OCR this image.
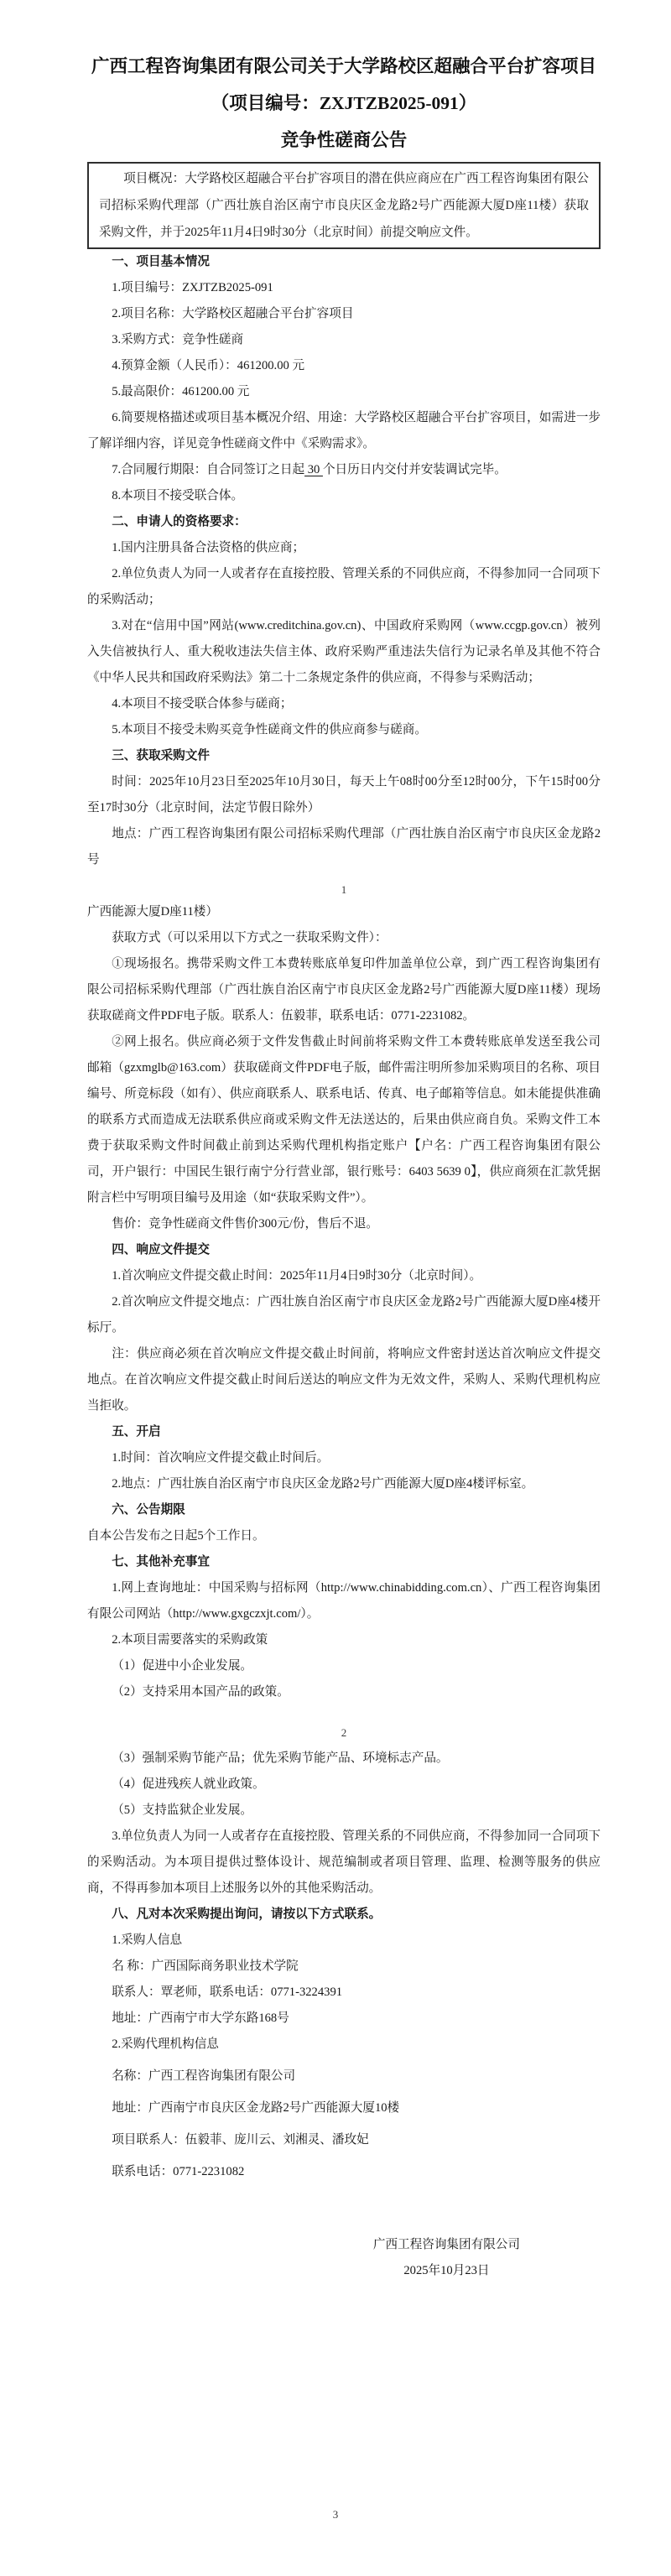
广西工程咨询集团有限公司关于大学路校区超融合平台扩容项目
（项目编号：ZXJTZB2025-091）
竞争性磋商公告

项目概况：大学路校区超融合平台扩容项目的潜在供应商应在广西工程咨询集团有限公司招标采购代理部（广西壮族自治区南宁市良庆区金龙路2号广西能源大厦D座11楼）获取采购文件，并于2025年11月4日9时30分（北京时间）前提交响应文件。

一、项目基本情况

1.项目编号：ZXJTZB2025-091

2.项目名称：大学路校区超融合平台扩容项目

3.采购方式：竞争性磋商

4.预算金额（人民币）：461200.00 元

5.最高限价：461200.00 元

6.简要规格描述或项目基本概况介绍、用途：大学路校区超融合平台扩容项目，如需进一步了解详细内容，详见竞争性磋商文件中《采购需求》。

7.合同履行期限：自合同签订之日起 30 个日历日内交付并安装调试完毕。

8.本项目不接受联合体。

二、申请人的资格要求：

1.国内注册具备合法资格的供应商；

2.单位负责人为同一人或者存在直接控股、管理关系的不同供应商，不得参加同一合同项下的采购活动；

3.对在“信用中国”网站(www.creditchina.gov.cn)、中国政府采购网（www.ccgp.gov.cn）被列入失信被执行人、重大税收违法失信主体、政府采购严重违法失信行为记录名单及其他不符合《中华人民共和国政府采购法》第二十二条规定条件的供应商，不得参与采购活动；

4.本项目不接受联合体参与磋商；

5.本项目不接受未购买竞争性磋商文件的供应商参与磋商。

三、获取采购文件

时间：2025年10月23日至2025年10月30日，每天上午08时00分至12时00分，下午15时00分至17时30分（北京时间，法定节假日除外）

地点：广西工程咨询集团有限公司招标采购代理部（广西壮族自治区南宁市良庆区金龙路2号

1

广西能源大厦D座11楼）

获取方式（可以采用以下方式之一获取采购文件）：

①现场报名。携带采购文件工本费转账底单复印件加盖单位公章，到广西工程咨询集团有限公司招标采购代理部（广西壮族自治区南宁市良庆区金龙路2号广西能源大厦D座11楼）现场获取磋商文件PDF电子版。联系人：伍毅菲，联系电话：0771-2231082。

②网上报名。供应商必须于文件发售截止时间前将采购文件工本费转账底单发送至我公司邮箱（gzxmglb@163.com）获取磋商文件PDF电子版，邮件需注明所参加采购项目的名称、项目编号、所竞标段（如有）、供应商联系人、联系电话、传真、电子邮箱等信息。如未能提供准确的联系方式而造成无法联系供应商或采购文件无法送达的，后果由供应商自负。采购文件工本费于获取采购文件时间截止前到达采购代理机构指定账户【户名：广西工程咨询集团有限公司，开户银行：中国民生银行南宁分行营业部，银行账号：6403 5639 0】，供应商须在汇款凭据附言栏中写明项目编号及用途（如“获取采购文件”）。

售价：竞争性磋商文件售价300元/份，售后不退。

四、响应文件提交

1.首次响应文件提交截止时间：2025年11月4日9时30分（北京时间）。

2.首次响应文件提交地点：广西壮族自治区南宁市良庆区金龙路2号广西能源大厦D座4楼开标厅。

注：供应商必须在首次响应文件提交截止时间前，将响应文件密封送达首次响应文件提交地点。在首次响应文件提交截止时间后送达的响应文件为无效文件，采购人、采购代理机构应当拒收。

五、开启

1.时间：首次响应文件提交截止时间后。

2.地点：广西壮族自治区南宁市良庆区金龙路2号广西能源大厦D座4楼评标室。

六、公告期限

自本公告发布之日起5个工作日。

七、其他补充事宜

1.网上查询地址：中国采购与招标网（http://www.chinabidding.com.cn）、广西工程咨询集团有限公司网站（http://www.gxgczxjt.com/）。

2.本项目需要落实的采购政策

（1）促进中小企业发展。

（2）支持采用本国产品的政策。

2

（3）强制采购节能产品；优先采购节能产品、环境标志产品。

（4）促进残疾人就业政策。

（5）支持监狱企业发展。

3.单位负责人为同一人或者存在直接控股、管理关系的不同供应商，不得参加同一合同项下的采购活动。为本项目提供过整体设计、规范编制或者项目管理、监理、检测等服务的供应商，不得再参加本项目上述服务以外的其他采购活动。

八、凡对本次采购提出询问，请按以下方式联系。

1.采购人信息

名 称：广西国际商务职业技术学院

联系人：覃老师，联系电话：0771-3224391

地址：广西南宁市大学东路168号

2.采购代理机构信息

名称：广西工程咨询集团有限公司

地址：广西南宁市良庆区金龙路2号广西能源大厦10楼

项目联系人：伍毅菲、庞川云、刘湘灵、潘玫妃

联系电话：0771-2231082

广西工程咨询集团有限公司
2025年10月23日

3
